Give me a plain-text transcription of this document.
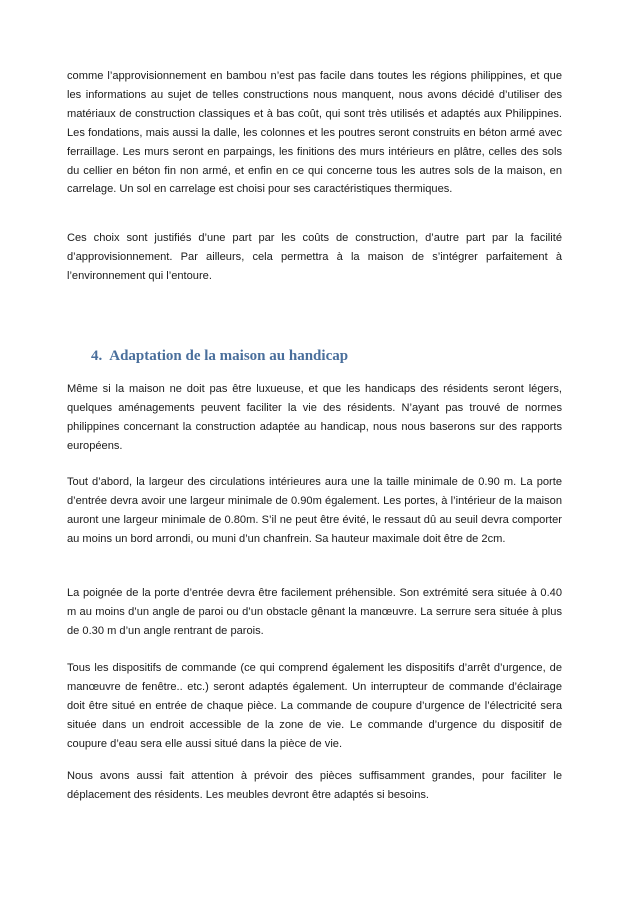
comme l’approvisionnement en bambou n’est pas facile dans toutes les régions philippines, et que les informations au sujet de telles constructions nous manquent, nous avons décidé d’utiliser des matériaux de construction classiques et à bas coût, qui sont très utilisés et adaptés aux Philippines. Les fondations, mais aussi la dalle, les colonnes et les poutres seront construits en béton armé avec ferraillage. Les murs seront en parpaings, les finitions des murs intérieurs en plâtre, celles des sols du cellier en béton fin non armé, et enfin en ce qui concerne tous les autres sols de la maison, en carrelage. Un sol en carrelage est choisi pour ses caractéristiques thermiques.

Ces choix sont justifiés d’une part par les coûts de construction, d’autre part par la facilité d’approvisionnement. Par ailleurs, cela permettra à la maison de s’intégrer parfaitement à l’environnement qui l’entoure.

4. Adaptation de la maison au handicap

Même si la maison ne doit pas être luxueuse, et que les handicaps des résidents seront légers, quelques aménagements peuvent faciliter la vie des résidents. N’ayant pas trouvé de normes philippines concernant la construction adaptée au handicap, nous nous baserons sur des rapports européens.

Tout d’abord, la largeur des circulations intérieures aura une la taille minimale de 0.90 m. La porte d’entrée devra avoir une largeur minimale de 0.90m également. Les portes, à l’intérieur de la maison auront une largeur minimale de 0.80m. S’il ne peut être évité, le ressaut dû au seuil devra comporter au moins un bord arrondi, ou muni d’un chanfrein. Sa hauteur maximale doit être de 2cm.

La poignée de la porte d’entrée devra être facilement préhensible. Son extrémité sera située à 0.40 m au moins d’un angle de paroi ou d’un obstacle gênant la manœuvre. La serrure sera située à plus de 0.30 m d’un angle rentrant de parois.

Tous les dispositifs de commande (ce qui comprend également les dispositifs d’arrêt d’urgence, de manœuvre de fenêtre.. etc.) seront adaptés également. Un interrupteur de commande d’éclairage doit être situé en entrée de chaque pièce. La commande de coupure d’urgence de l’électricité sera située dans un endroit accessible de la zone de vie. Le commande d’urgence du dispositif de coupure d’eau sera elle aussi situé dans la pièce de vie.

Nous avons aussi fait attention à prévoir des pièces suffisamment grandes, pour faciliter le déplacement des résidents. Les meubles devront être adaptés si besoins.
